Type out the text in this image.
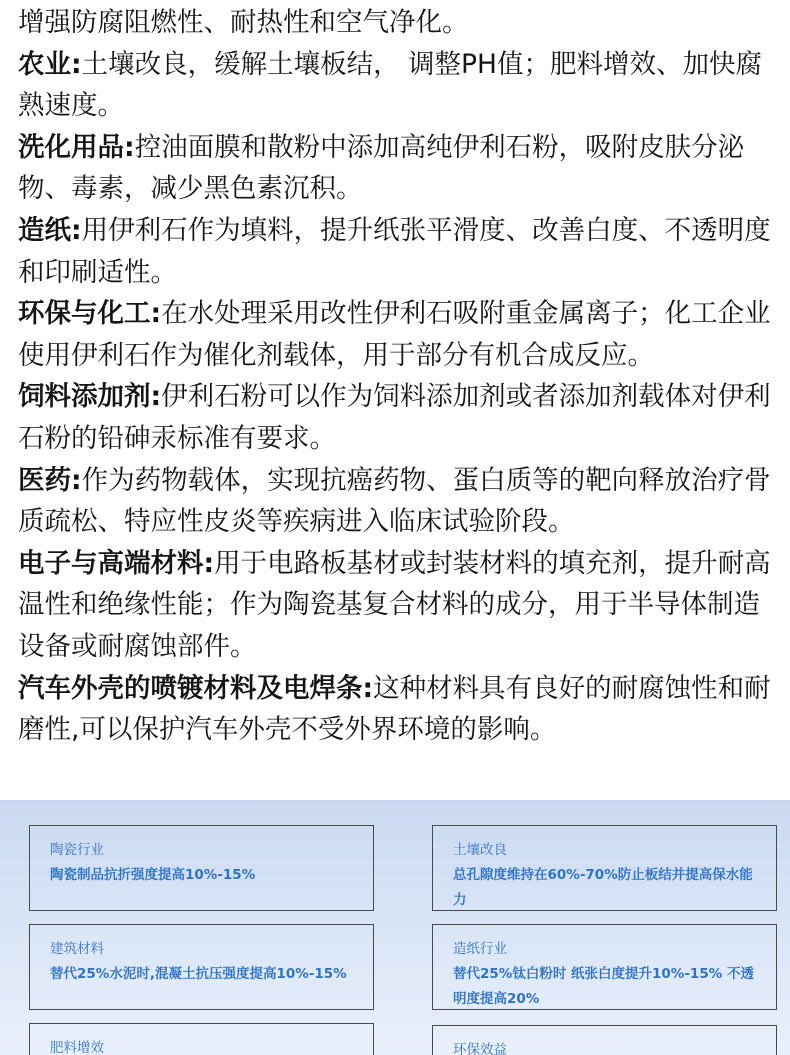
增强防腐阻燃性、耐热性和空气净化。

农业:土壤改良，缓解土壤板结， 调整PH值；肥料增效、加快腐熟速度。

洗化用品:控油面膜和散粉中添加高纯伊利石粉，吸附皮肤分泌物、毒素，减少黑色素沉积。

造纸:用伊利石作为填料，提升纸张平滑度、改善白度、不透明度和印刷适性。

环保与化工:在水处理采用改性伊利石吸附重金属离子；化工企业使用伊利石作为催化剂载体，用于部分有机合成反应。

饲料添加剂:伊利石粉可以作为饲料添加剂或者添加剂载体对伊利石粉的铅砷汞标准有要求。

医药:作为药物载体，实现抗癌药物、蛋白质等的靶向释放治疗骨质疏松、特应性皮炎等疾病进入临床试验阶段。

电子与高端材料:用于电路板基材或封装材料的填充剂，提升耐高温性和绝缘性能；作为陶瓷基复合材料的成分，用于半导体制造设备或耐腐蚀部件。

汽车外壳的喷镀材料及电焊条:这种材料具有良好的耐腐蚀性和耐磨性,可以保护汽车外壳不受外界环境的影响。

陶瓷行业
陶瓷制品抗折强度提高10%-15%
土壤改良
总孔隙度维持在60%-70%防止板结并提高保水能力
建筑材料
替代25%水泥时,混凝土抗压强度提高10%-15%
造纸行业
替代25%钛白粉时 纸张白度提升10%-15% 不透明度提高20%
肥料增效	环保效益
